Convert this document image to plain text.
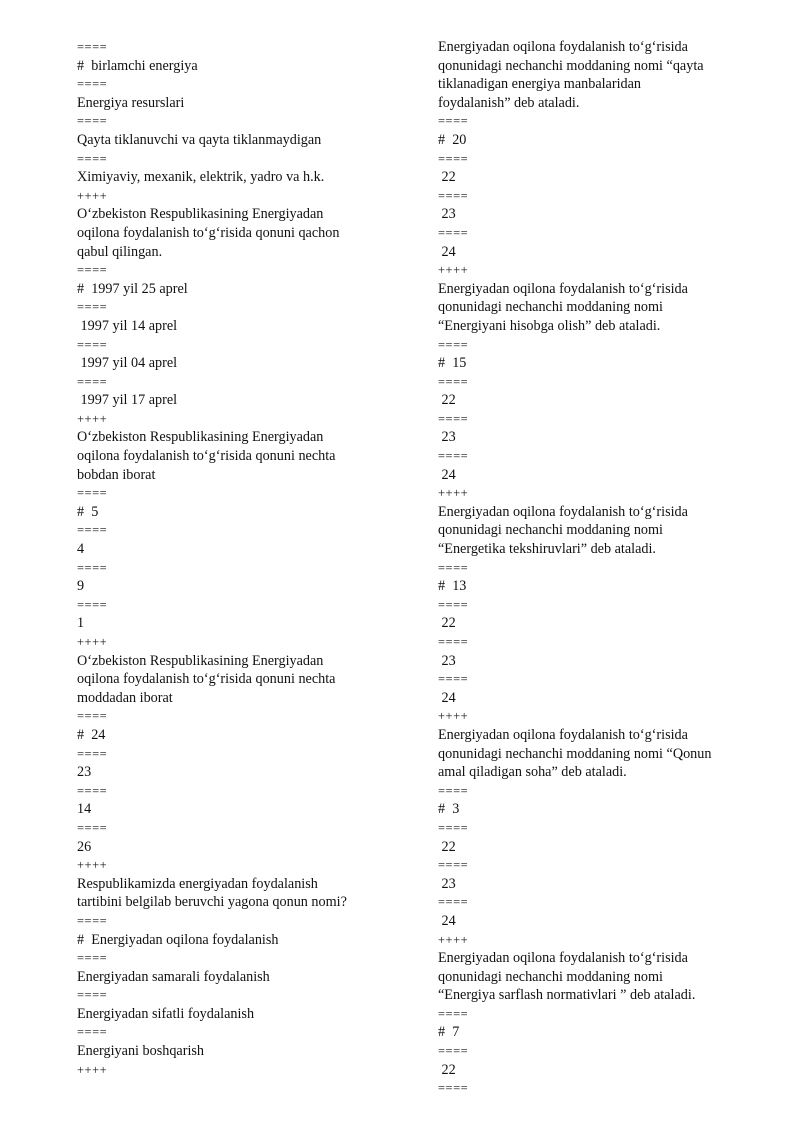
====
#  birlamchi energiya
====
Energiya resurslari
====
Qayta tiklanuvchi va qayta tiklanmaydigan
====
Ximiyaviy, mexanik, elektrik, yadro va h.k.
++++
O‘zbekiston Respublikasining Energiyadan
oqilona foydalanish to‘g‘risida qonuni qachon
qabul qilingan.
====
#  1997 yil 25 aprel
====
1997 yil 14 aprel
====
1997 yil 04 aprel
====
1997 yil 17 aprel
++++
O‘zbekiston Respublikasining Energiyadan
oqilona foydalanish to‘g‘risida qonuni nechta
bobdan iborat
====
#  5
====
4
====
9
====
1
++++
O‘zbekiston Respublikasining Energiyadan
oqilona foydalanish to‘g‘risida qonuni nechta
moddadan iborat
====
#  24
====
23
====
14
====
26
++++
Respublikamizda energiyadan foydalanish
tartibini belgilab beruvchi yagona qonun nomi?
====
#  Energiyadan oqilona foydalanish
====
Energiyadan samarali foydalanish
====
Energiyadan sifatli foydalanish
====
Energiyani boshqarish
++++
Energiyadan oqilona foydalanish to‘g‘risida
qonunidagi nechanchi moddaning nomi “qayta
tiklanadigan energiya manbalaridan
foydalanish” deb ataladi.
====
#  20
====
22
====
23
====
24
++++
Energiyadan oqilona foydalanish to‘g‘risida
qonunidagi nechanchi moddaning nomi
“Energiyani hisobga olish” deb ataladi.
====
#  15
====
22
====
23
====
24
++++
Energiyadan oqilona foydalanish to‘g‘risida
qonunidagi nechanchi moddaning nomi
“Energetika tekshiruvlari” deb ataladi.
====
#  13
====
22
====
23
====
24
++++
Energiyadan oqilona foydalanish to‘g‘risida
qonunidagi nechanchi moddaning nomi “Qonun
amal qiladigan soha” deb ataladi.
====
#  3
====
22
====
23
====
24
++++
Energiyadan oqilona foydalanish to‘g‘risida
qonunidagi nechanchi moddaning nomi
“Energiya sarflash normativlari ” deb ataladi.
====
#  7
====
22
====
